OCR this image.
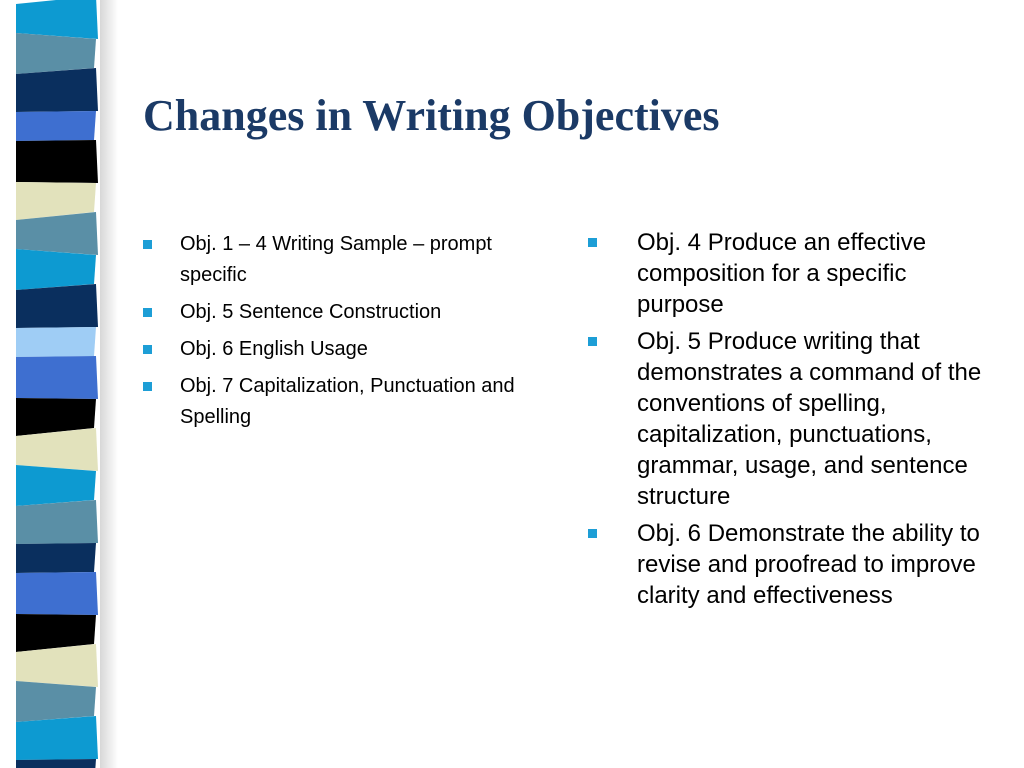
Changes in Writing Objectives
Obj. 1 – 4 Writing Sample – prompt specific
Obj. 5 Sentence Construction
Obj. 6 English Usage
Obj. 7 Capitalization, Punctuation and Spelling
Obj. 4 Produce an effective composition for a specific purpose
Obj. 5 Produce writing that demonstrates a command of the conventions of spelling, capitalization, punctuations, grammar, usage, and sentence structure
Obj. 6 Demonstrate the ability to revise and proofread to improve clarity and effectiveness
